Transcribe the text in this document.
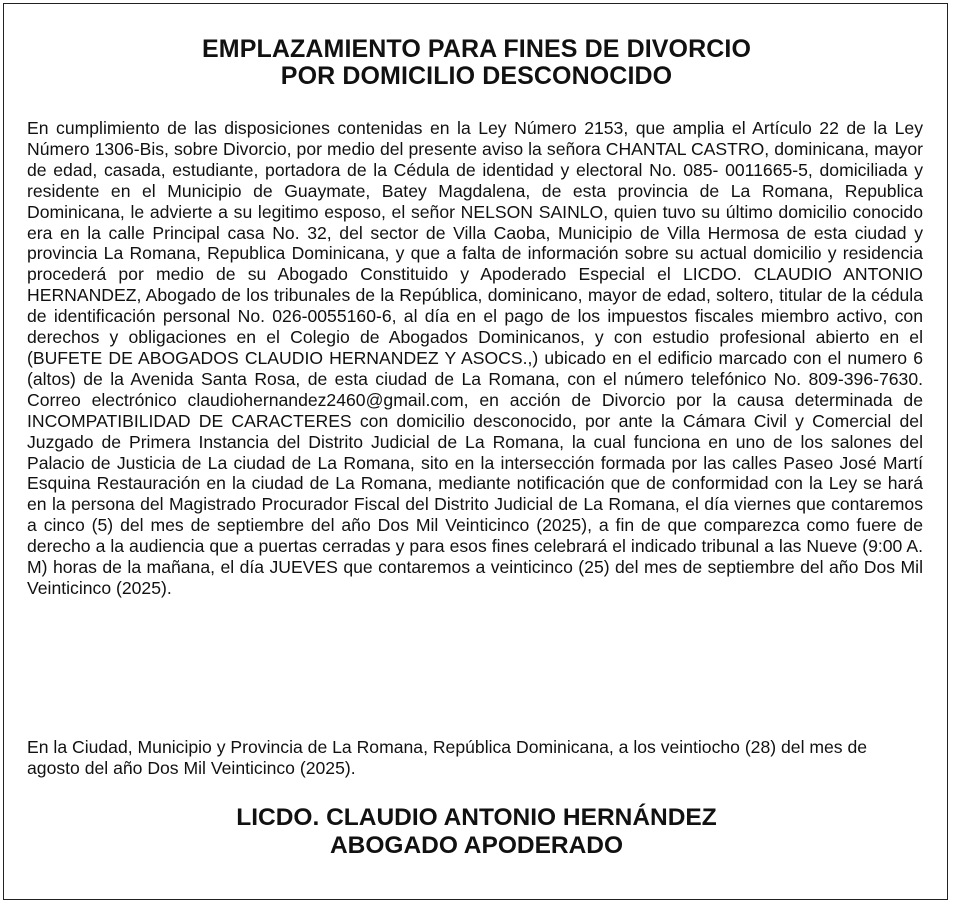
EMPLAZAMIENTO PARA FINES DE DIVORCIO
POR DOMICILIO DESCONOCIDO
En cumplimiento de las disposiciones contenidas en la Ley Número 2153, que amplia el Artículo 22 de la Ley Número 1306-Bis, sobre Divorcio, por medio del presente aviso la señora CHANTAL CASTRO, dominicana, mayor de edad, casada, estudiante, portadora de la Cédula de identidad y electoral No. 085- 0011665-5, domiciliada y residente en el Municipio de Guaymate, Batey Magdalena, de esta provincia de La Romana, Republica Dominicana, le advierte a su legitimo esposo, el señor NELSON SAINLO, quien tuvo su último domicilio conocido era en la calle Principal casa No. 32, del sector de Villa Caoba, Municipio de Villa Hermosa de esta ciudad y provincia La Romana, Republica Dominicana, y que a falta de información sobre su actual domicilio y residencia procederá por medio de su Abogado Constituido y Apoderado Especial el LICDO. CLAUDIO ANTONIO HERNANDEZ, Abogado de los tribunales de la República, dominicano, mayor de edad, soltero, titular de la cédula de identificación personal No. 026-0055160-6, al día en el pago de los impuestos fiscales miembro activo, con derechos y obligaciones en el Colegio de Abogados Dominicanos, y con estudio profesional abierto en el (BUFETE DE ABOGADOS CLAUDIO HERNANDEZ Y ASOCS.,) ubicado en el edificio marcado con el numero 6 (altos) de la Avenida Santa Rosa, de esta ciudad de La Romana, con el número telefónico No. 809-396-7630. Correo electrónico claudiohernandez2460@gmail.com, en acción de Divorcio por la causa determinada de INCOMPATIBILIDAD DE CARACTERES con domicilio desconocido, por ante la Cámara Civil y Comercial del Juzgado de Primera Instancia del Distrito Judicial de La Romana, la cual funciona en uno de los salones del Palacio de Justicia de La ciudad de La Romana, sito en la intersección formada por las calles Paseo José Martí Esquina Restauración en la ciudad de La Romana, mediante notificación que de conformidad con la Ley se hará en la persona del Magistrado Procurador Fiscal del Distrito Judicial de La Romana, el día viernes que contaremos a cinco (5) del mes de septiembre del año Dos Mil Veinticinco (2025), a fin de que comparezca como fuere de derecho a la audiencia que a puertas cerradas y para esos fines celebrará el indicado tribunal a las Nueve (9:00 A. M) horas de la mañana, el día JUEVES que contaremos a veinticinco (25) del mes de septiembre del año Dos Mil Veinticinco (2025).
En la Ciudad, Municipio y Provincia de La Romana, República Dominicana, a los veintiocho (28) del mes de agosto del año Dos Mil Veinticinco (2025).
LICDO. CLAUDIO ANTONIO HERNÁNDEZ
ABOGADO APODERADO
